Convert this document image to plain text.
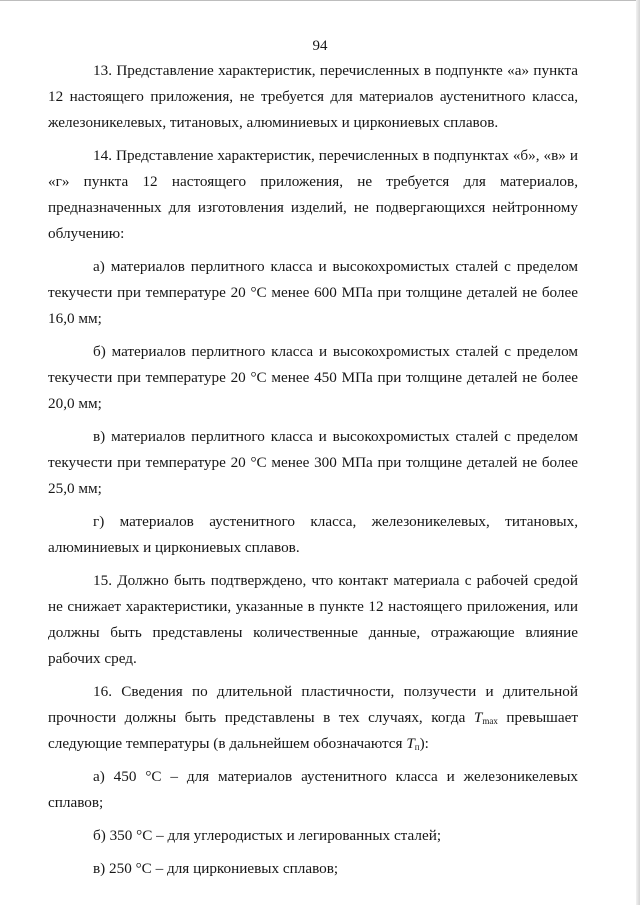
94

13. Представление характеристик, перечисленных в подпункте «а» пункта 12 настоящего приложения, не требуется для материалов аустенитного класса, железоникелевых, титановых, алюминиевых и циркониевых сплавов.

14. Представление характеристик, перечисленных в подпунктах «б», «в» и «г» пункта 12 настоящего приложения, не требуется для материалов, предназначенных для изготовления изделий, не подвергающихся нейтронному облучению:

а) материалов перлитного класса и высокохромистых сталей с пределом текучести при температуре 20 °С менее 600 МПа при толщине деталей не более 16,0 мм;

б) материалов перлитного класса и высокохромистых сталей с пределом текучести при температуре 20 °С менее 450 МПа при толщине деталей не более 20,0 мм;

в) материалов перлитного класса и высокохромистых сталей с пределом текучести при температуре 20 °С менее 300 МПа при толщине деталей не более 25,0 мм;

г) материалов аустенитного класса, железоникелевых, титановых, алюминиевых и циркониевых сплавов.

15. Должно быть подтверждено, что контакт материала с рабочей средой не снижает характеристики, указанные в пункте 12 настоящего приложения, или должны быть представлены количественные данные, отражающие влияние рабочих сред.

16. Сведения по длительной пластичности, ползучести и длительной прочности должны быть представлены в тех случаях, когда $T_{max}$ превышает следующие температуры (в дальнейшем обозначаются $T_п$):

а) 450 °С – для материалов аустенитного класса и железоникелевых сплавов;

б) 350 °С – для углеродистых и легированных сталей;

в) 250 °С – для циркониевых сплавов;
